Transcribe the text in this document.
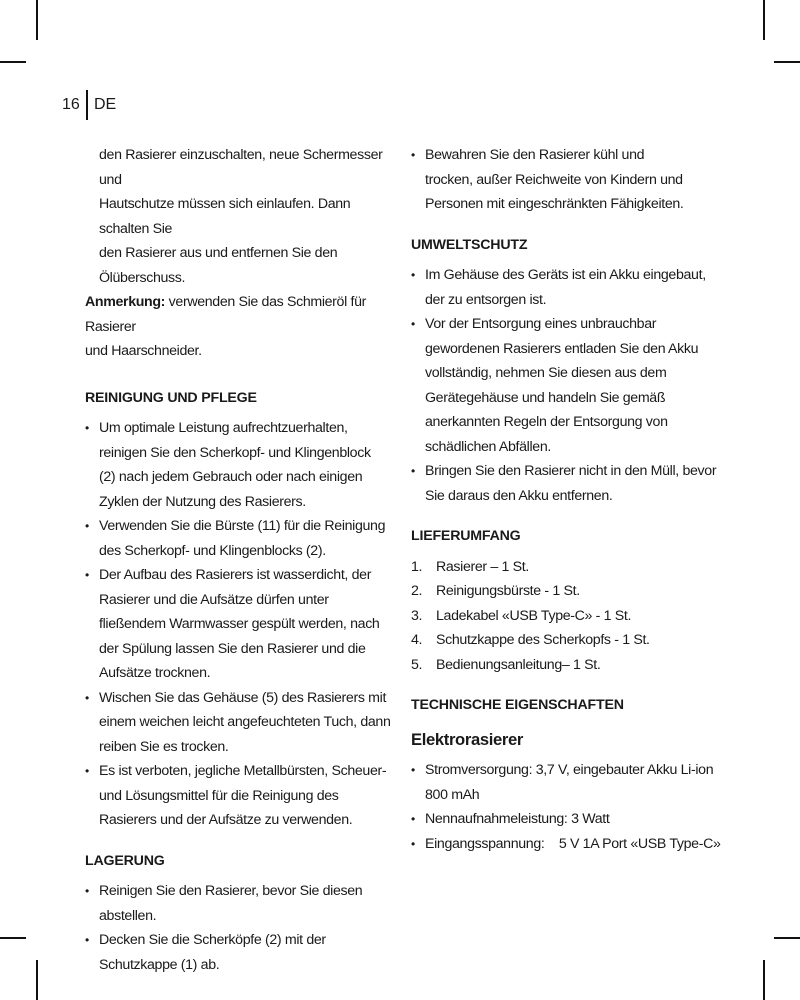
16 DE
den Rasierer einzuschalten, neue Schermesser und
Hautschutze müssen sich einlaufen. Dann schalten Sie
den Rasierer aus und entfernen Sie den Ölüberschuss.

Anmerkung: verwenden Sie das Schmieröl für Rasierer
und Haarschneider.

REINIGUNG UND PFLEGE
• Um optimale Leistung aufrechtzuerhalten, reinigen Sie den Scherkopf- und Klingenblock (2) nach jedem Gebrauch oder nach einigen Zyklen der Nutzung des Rasierers.
• Verwenden Sie die Bürste (11) für die Reinigung des Scherkopf- und Klingenblocks (2).
• Der Aufbau des Rasierers ist wasserdicht, der Rasierer und die Aufsätze dürfen unter fließendem Warmwasser gespült werden, nach der Spülung lassen Sie den Rasierer und die Aufsätze trocknen.
• Wischen Sie das Gehäuse (5) des Rasierers mit einem weichen leicht angefeuchteten Tuch, dann reiben Sie es trocken.
• Es ist verboten, jegliche Metallbürsten, Scheuer- und Lösungsmittel für die Reinigung des Rasierers und der Aufsätze zu verwenden.
LAGERUNG
• Reinigen Sie den Rasierer, bevor Sie diesen abstellen.
• Decken Sie die Scherköpfe (2) mit der Schutzkappe (1) ab.
• Bewahren Sie den Rasierer kühl und trocken, außer Reichweite von Kindern und Personen mit eingeschränkten Fähigkeiten.
UMWELTSCHUTZ
• Im Gehäuse des Geräts ist ein Akku eingebaut, der zu entsorgen ist.
• Vor der Entsorgung eines unbrauchbar gewordenen Rasierers entladen Sie den Akku vollständig, nehmen Sie diesen aus dem Gerätegehäuse und handeln Sie gemäß anerkannten Regeln der Entsorgung von schädlichen Abfällen.
• Bringen Sie den Rasierer nicht in den Müll, bevor Sie daraus den Akku entfernen.
LIEFERUMFANG
1. Rasierer – 1 St.
2. Reinigungsbürste - 1 St.
3. Ladekabel «USB Type-C» - 1 St.
4. Schutzkappe des Scherkopfs - 1 St.
5. Bedienungsanleitung– 1 St.
TECHNISCHE EIGENSCHAFTEN
Elektrorasierer
• Stromversorgung: 3,7 V, eingebauter Akku Li-ion 800 mAh
• Nennaufnahmeleistung: 3 Watt
• Eingangsspannung:    5 V 1A Port «USB Type-C»
